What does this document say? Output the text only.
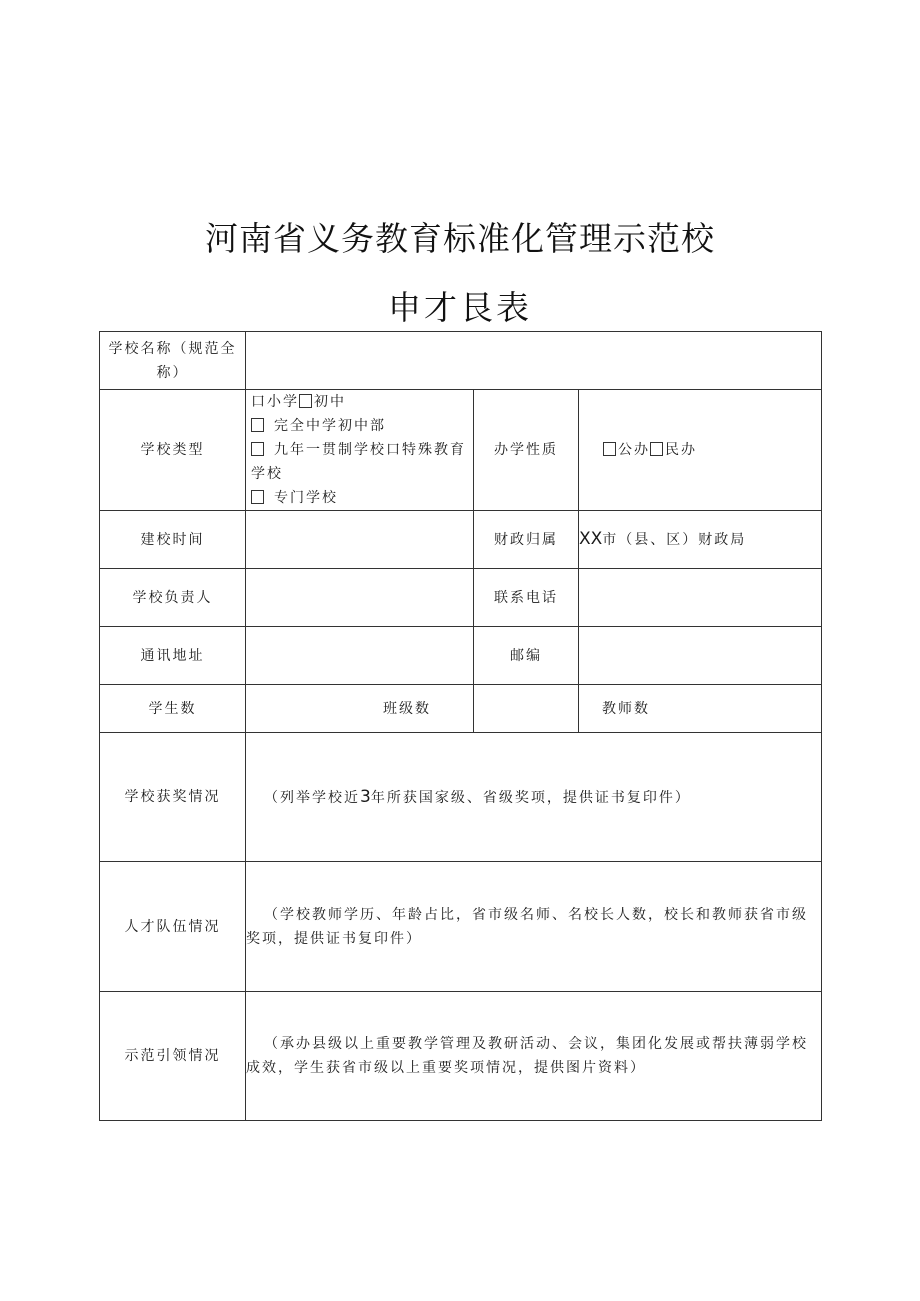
河南省义务教育标准化管理示范校
申才艮表
学校名称（规范全称）			
学校类型	口小学 初中
完全中学初中部
九年一贯制学校口特殊教育学校
专门学校	办学性质	公办 民办
建校时间		财政归属	XX市（县、区）财政局
学校负责人		联系电话	
通讯地址		邮编	
学生数	班级数		教师数
学校获奖情况	（列举学校近3年所获国家级、省级奖项，提供证书复印件）		
人才队伍情况	（学校教师学历、年龄占比，省市级名师、名校长人数，校长和教师获省市级奖项，提供证书复印件）		
示范引领情况	（承办县级以上重要教学管理及教研活动、会议，集团化发展或帮扶薄弱学校成效，学生获省市级以上重要奖项情况，提供图片资料）		
